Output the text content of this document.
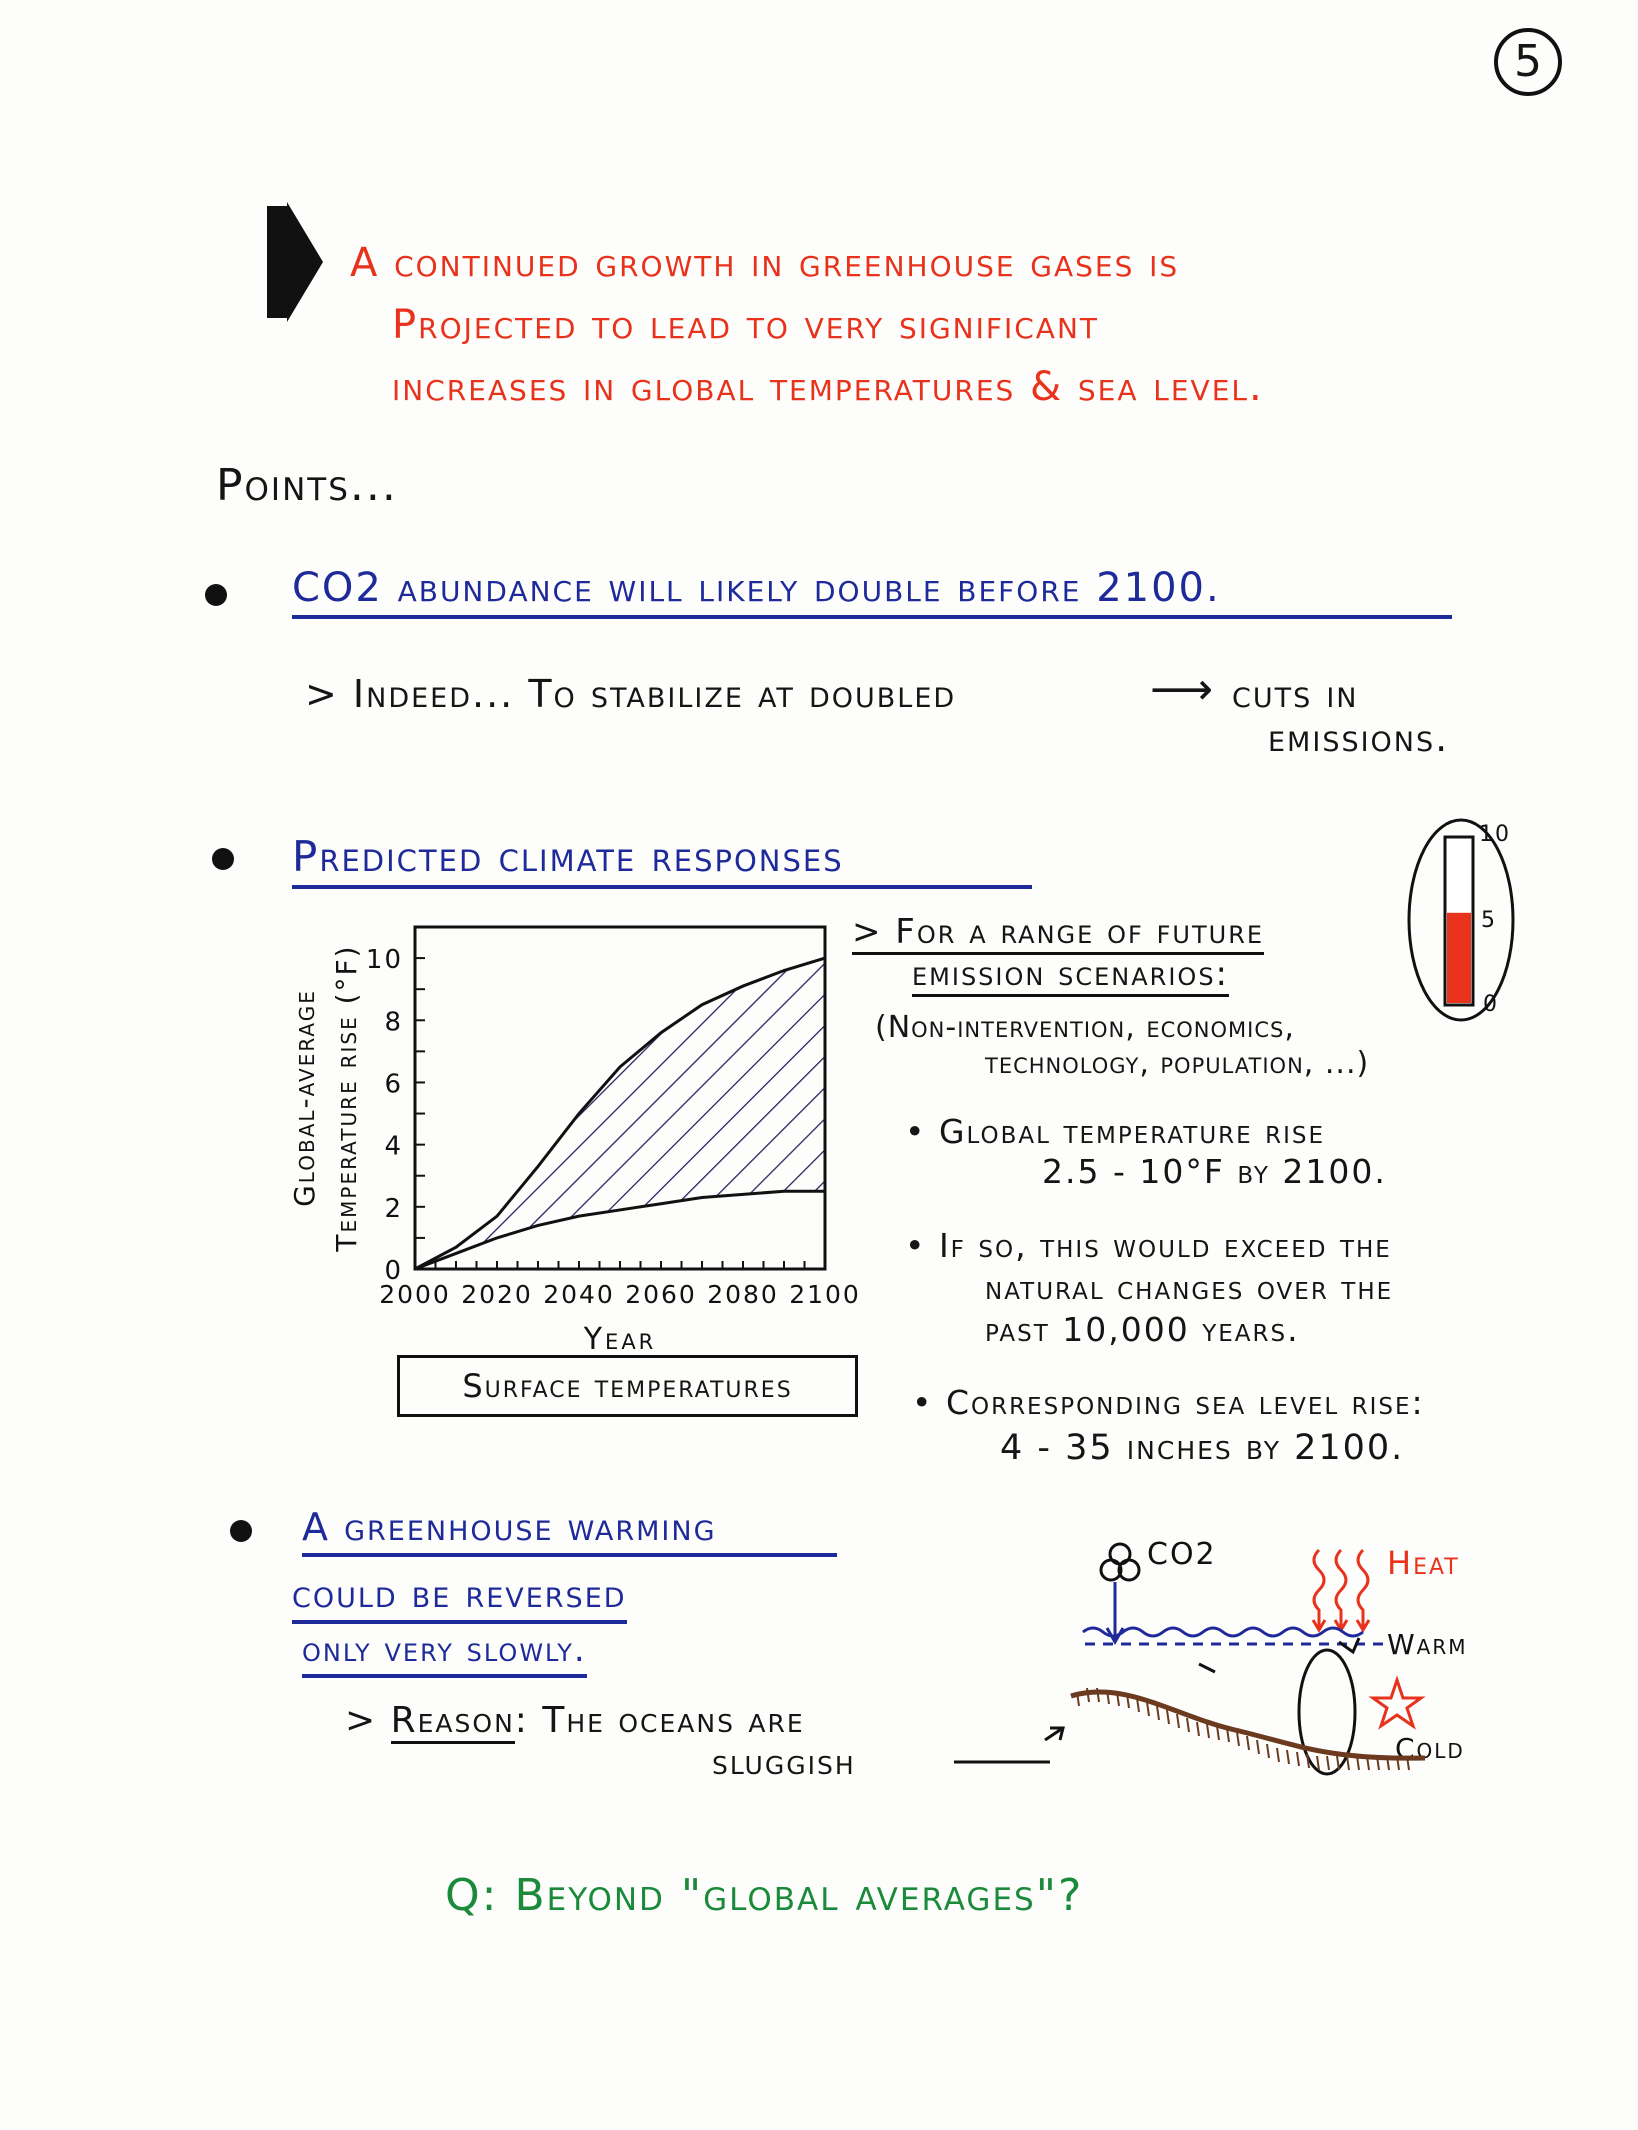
5
A continued growth in greenhouse gases is
Projected to lead to very significant
increases in global temperatures & sea level.
Points...
CO2 abundance will likely double before 2100.
> Indeed... To stabilize at doubled	⟶ cuts in
emissions.
Predicted climate responses
0
2
4
6
8
10
2000 2020 2040 2060 2080 2100
Year
Global-average Temperature rise (°F)
Surface temperatures
10
5
0
> For a range of future
emission scenarios:
(Non-intervention, economics,
technology, population, ...)
• Global temperature rise
2.5 - 10°F by 2100.
• If so, this would exceed the
natural changes over the
past 10,000 years.
• Corresponding sea level rise:
4 - 35 inches by 2100.
A greenhouse warming
could be reversed
only very slowly.
> Reason: The oceans are
sluggish
CO2	Heat
Warm
Cold
Q: Beyond "global averages"?
